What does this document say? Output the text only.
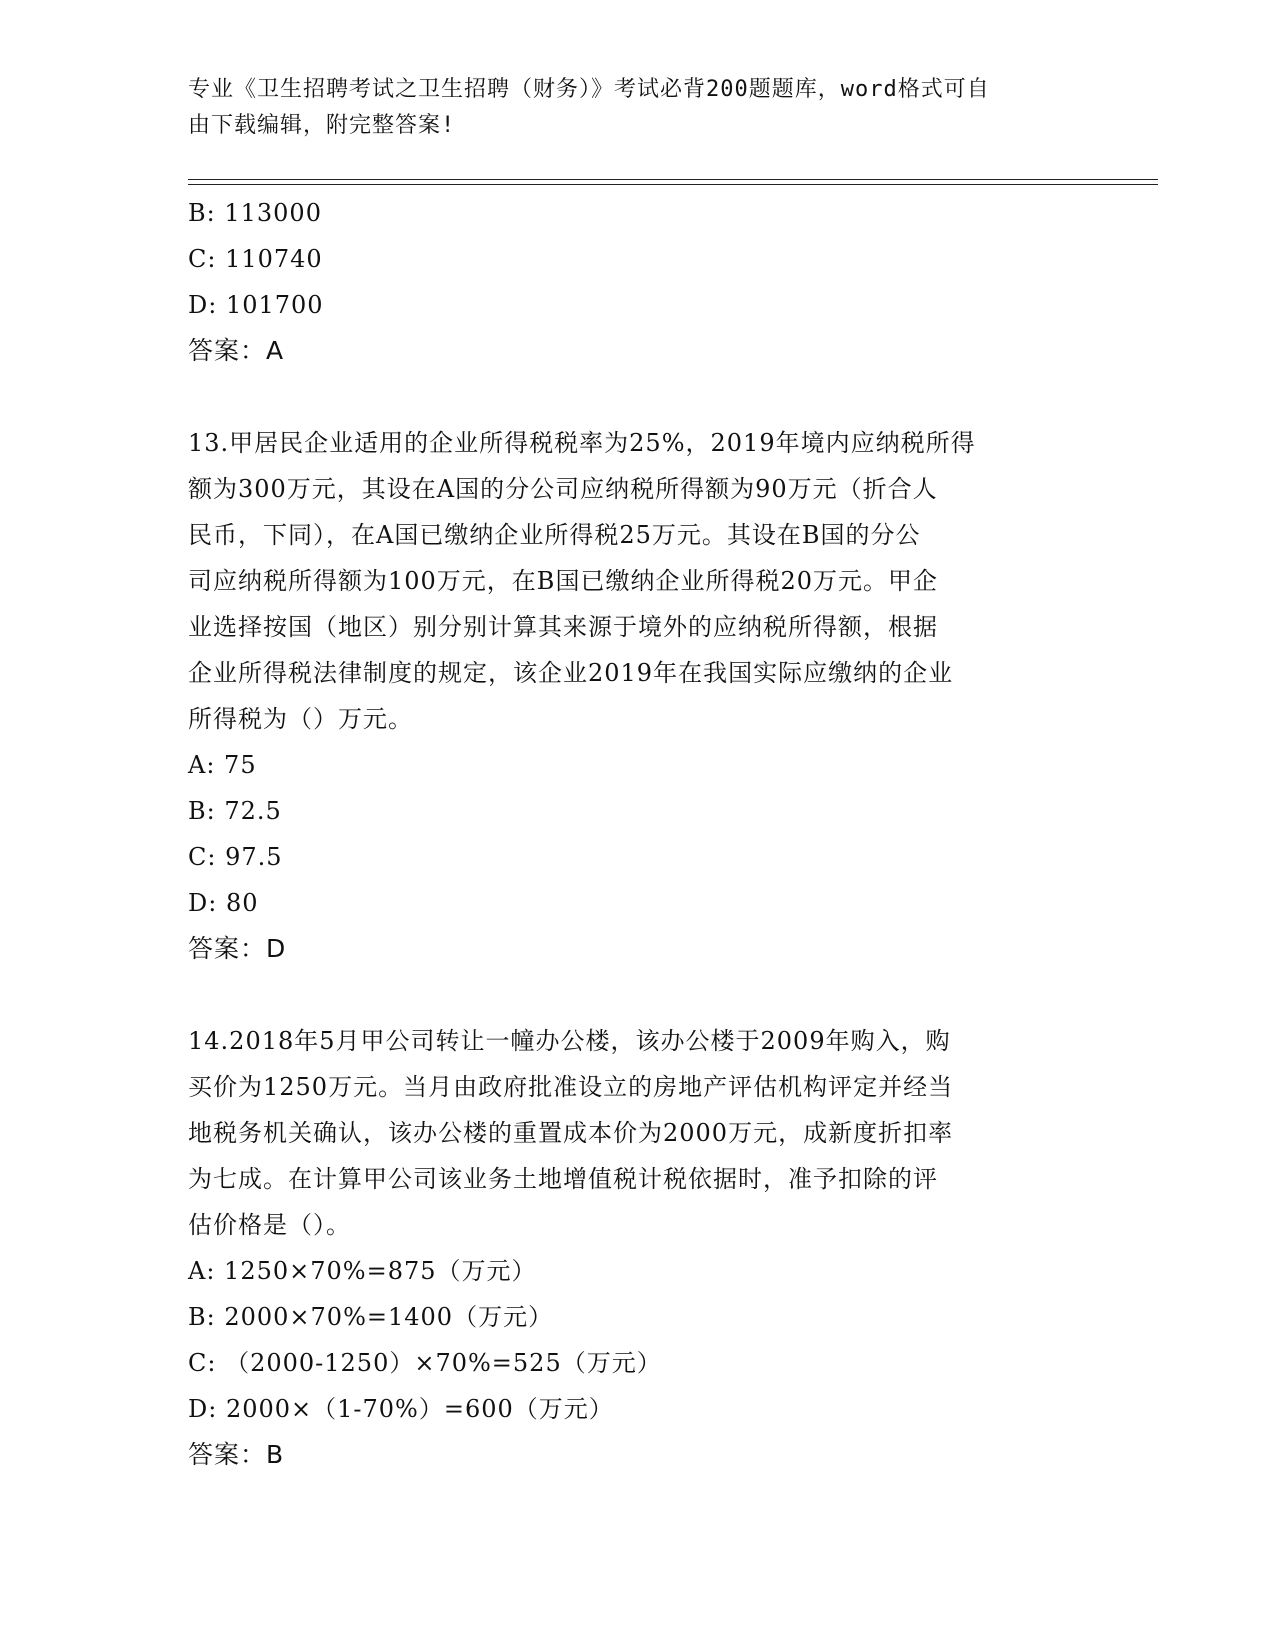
专业《卫生招聘考试之卫生招聘（财务）》考试必背200题题库，word格式可自
由下载编辑，附完整答案!
B: 113000
C: 110740
D: 101700
答案：A
13.甲居民企业适用的企业所得税税率为25%，2019年境内应纳税所得
额为300万元，其设在A国的分公司应纳税所得额为90万元（折合人
民币，下同），在A国已缴纳企业所得税25万元。其设在B国的分公
司应纳税所得额为100万元，在B国已缴纳企业所得税20万元。甲企
业选择按国（地区）别分别计算其来源于境外的应纳税所得额，根据
企业所得税法律制度的规定，该企业2019年在我国实际应缴纳的企业
所得税为（）万元。
A: 75
B: 72.5
C: 97.5
D: 80
答案：D
14.2018年5月甲公司转让一幢办公楼，该办公楼于2009年购入，购
买价为1250万元。当月由政府批准设立的房地产评估机构评定并经当
地税务机关确认，该办公楼的重置成本价为2000万元，成新度折扣率
为七成。在计算甲公司该业务土地增值税计税依据时，准予扣除的评
估价格是（）。
A: 1250×70%=875（万元）
B: 2000×70%=1400（万元）
C: （2000-1250）×70%=525（万元）
D: 2000×（1-70%）=600（万元）
答案：B
